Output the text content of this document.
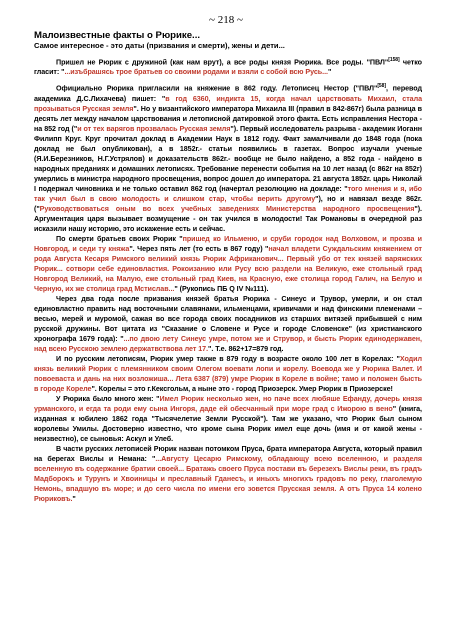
~ 218 ~

Малоизвестные факты о Рюрике...

Самое интересное - это даты (призвания и смерти), жены и дети...

Пришел не Рюрик с дружиной (как нам врут), а все роды князя Рюрика. Все роды. "ПВЛ"[158] четко гласит: "...изъбрашясь трое братьев со своими родами и взяли с собой всю Русь..."

Официально Рюрика пригласили на княжение в 862 году. Летописец Нестор ("ПВЛ"[58], перевод академика Д.С.Лихачева) пишет: "в год 6360, индикта 15, когда начал царствовать Михаил, стала прозываться Русская земля". Но у византийского императора Михаила III (правил в 842-867г) была разница в десять лет между началом царствования и летописной датировкой этого факта. Есть исправления Нестора - на 852 год ("и от тех варягов прозвалась Русская земля"). Первый исследователь разрыва - академик Иоганн Филипп Круг. Круг прочитал доклад в Академии Наук в 1812 году. Факт замалчивали до 1848 года (пока доклад не был опубликован), а в 1852г.- статьи появились в газетах. Вопрос изучали ученые (Я.И.Березников, Н.Г.Устрялов) и доказательств 862г.- вообще не было найдено, а 852 года - найдено в народных преданиях и домашних летописях. Требование перенести события на 10 лет назад (с 862г на 852г) умерлись в министра народного просвещения, вопрос дошел до императора. 21 августа 1852г. царь Николай I подержал чиновника и не только оставил 862 год (начертал резолюцию на докладе: "того мнения и я, ибо так учил был в свою молодость и слишком стар, чтобы верить другому"), но и навязал везде 862г. ("Руководствоваться оным во всех учебных заведениях Министерства народного просвещения"). Аргументация царя вызывает возмущение - он так учился в молодости! Так Романовы в очередной раз исказили нашу историю, это искажение есть и сейчас.

По смерти братьев своих Рюрик "пришед ко Ильменю, и сруби городок над Волховом, и прозва и Новгород, и седи ту княжа". Через пять лет (то есть в 867 году) "начал владети Суждальским княжением от рода Августа Кесаря Римского великий князь Рюрик Африканович... Первый убо от тех князей варяжских Рюрик... сотвори себе единовластия. Рокоизанию или Русу всю раздели на Великую, еже стольный град Новгород Великий, на Малую, еже стольный град Киев, на Красную, еже столица город Галич, на Белую и Черную, их же столица град Мстислав..." (Рукопись ПБ Q IV №111).

Через два года после призвания князей братья Рюрика - Синеус и Трувор, умерли, и он стал единовластно править над восточными славянами, ильменцами, кривичами и над финскими племенами – весью, мерей и муромой, сажая во все города своих посадников из старших витязей прибывшей с ним русской дружины. Вот цитата из "Сказание о Словене и Русе и городе Словенске" (из христианского хронографа 1679 года): "...по двою лету Синеус умре, потом же и Струвор, и бысть Рюрик единодержавен, над всею Русскою землею держатвствова лет 17.". Т.е. 862+17=879 год.

И по русским летописям, Рюрик умер также в 879 году в возрасте около 100 лет в Корелах: "Ходил князь великий Рюрик с племянником своим Олегом воевати лопи и корелу. Воевода же у Рюрика Валет. И повоеваста и дань на них возложиша... Лета 6387 (879) умре Рюрик в Кореле в войне; тамо и положен бысть в городе Кореле". Корелы = это г.Кексгольм, а ныне это - город Приозерск. Умер Рюрик в Приозерске!

У Рюрика было много жен: "Имел Рюрик несколько жен, но паче всех любяше Ефанду, дочерь князя урманского, и егда та роди ему сына Ингоря, даде ей обесчанный при море град с Ижорою в вено" (книга, изданная к юбилею 1862 года "Тысячелетие Земли Русской"). Там же указано, что Рюрик был сыном королевы Умилы. Достоверно известно, что кроме сына Рюрик имел еще дочь (имя и от какой жены - неизвестно), се сыновья: Аскул и Улеб.

В части русских летописей Рюрик назван потомком Пруса, брата императора Августа, который правил на берегах Вислы и Немана: "...Августу Цесарю Римскому, обладающу всею вселенною, и разделя вселенную въ содержание братии своей... Братажь своего Пруса постави въ березехъ Вислы реки, въ градъ Мадборокъ и Турунъ и Хвоиницы и преславный Гданесъ, и иныхъ многихъ градовъ по реку, глаголемую Немонь, впадшую въ море; и до сего числа по имени его зовется Прусская земля. А отъ Пруса 14 колено Рюриковъ."
